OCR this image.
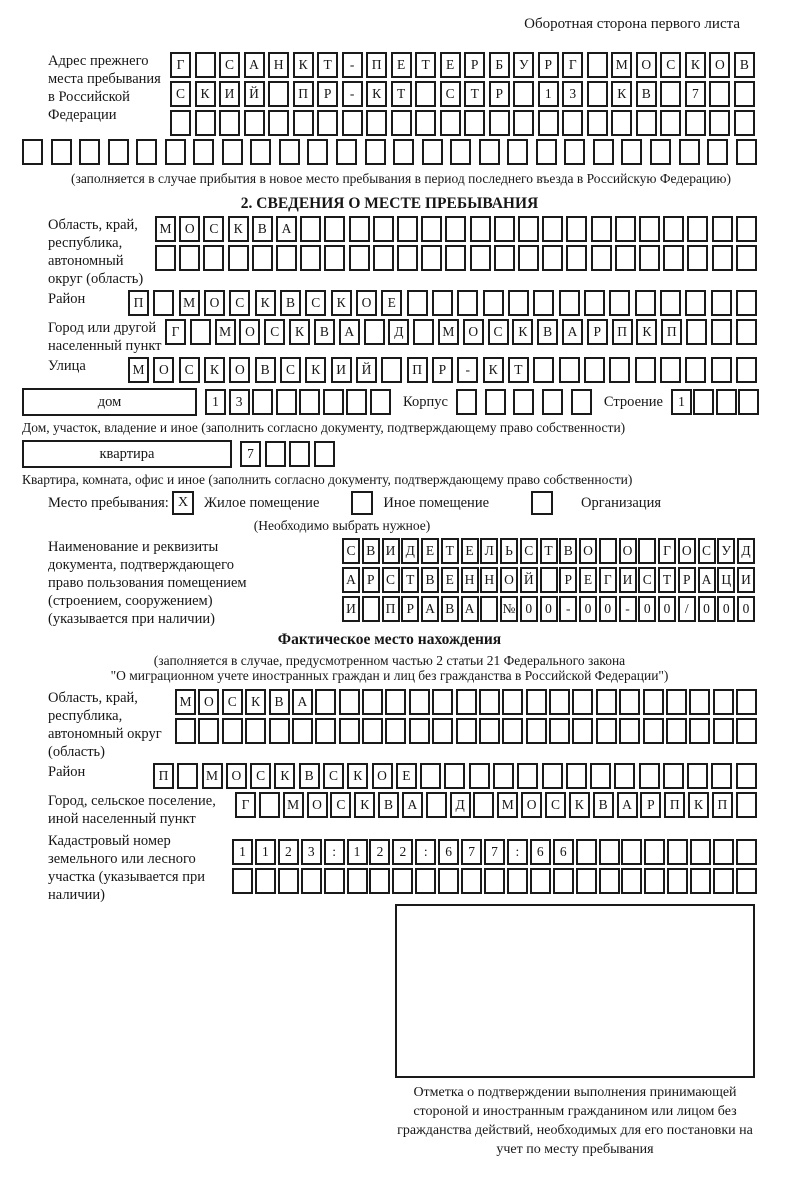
Оборотная сторона первого листа
Адрес прежнего места пребывания в Российской Федерации
Г	С	А	Н	К	Т	-	П	Е	Т	Е	Р	Б	У	Р	Г	М	О	С	К	О	В
С	К	И	Й	П	Р	-	К	Т	С	Т	Р	1	3	К	В	7
(заполняется в случае прибытия в новое место пребывания в период последнего въезда в Российскую Федерацию)
2. СВЕДЕНИЯ О МЕСТЕ ПРЕБЫВАНИЯ
Область, край, республика, автономный округ (область)
М О	С	К	В	А
Район	П	М	О	С	К	В	С	К	О	Е
Город или другой населенный пункт
Г	М	О	С	К	В	А	Д	М	О	С	К	В	А	Р	П	К	П
Улица	М	О	С	К	О	В	С	К	И	Й	П	Р	-	К	Т
дом	1	3	Корпус	Строение	1
Дом, участок, владение и иное (заполнить согласно документу, подтверждающему право собственности)
квартира	7
Квартира, комната, офис и иное (заполнить согласно документу, подтверждающему право собственности)
Место пребывания: X	Жилое помещение	Иное помещение	Организация
(Необходимо выбрать нужное)
Наименование и реквизиты документа, подтверждающего право пользования помещением (строением, сооружением) (указывается при наличии)
С В И Д Е Т Е Л Ь С Т В О	О	Г О С У Д
А Р С Т В Е Н Н О Й	Р Е Г И С Т Р А Ц И
И	П Р А В А	№ 0 0	-	0 0	-	0 0	/	0 0 0
Фактическое место нахождения
(заполняется в случае, предусмотренном частью 2 статьи 21 Федерального закона
"О миграционном учете иностранных граждан и лиц без гражданства в Российской Федерации")
Область, край, республика, автономный округ (область)
М О	С	К	В	А
Район	П	М О	С	К	В	С	К	О	Е
Город, сельское поселение, иной населенный пункт
Г	М О	С	К	В	А	Д	М О	С	К	В	А	Р	П	К	П
Кадастровый номер земельного или лесного участка (указывается при наличии)
1	1	2	3	:	1	2	2	:	6	7	7	:	6	6
Отметка о подтверждении выполнения принимающей стороной и иностранным гражданином или лицом без гражданства действий, необходимых для его постановки на учет по месту пребывания
